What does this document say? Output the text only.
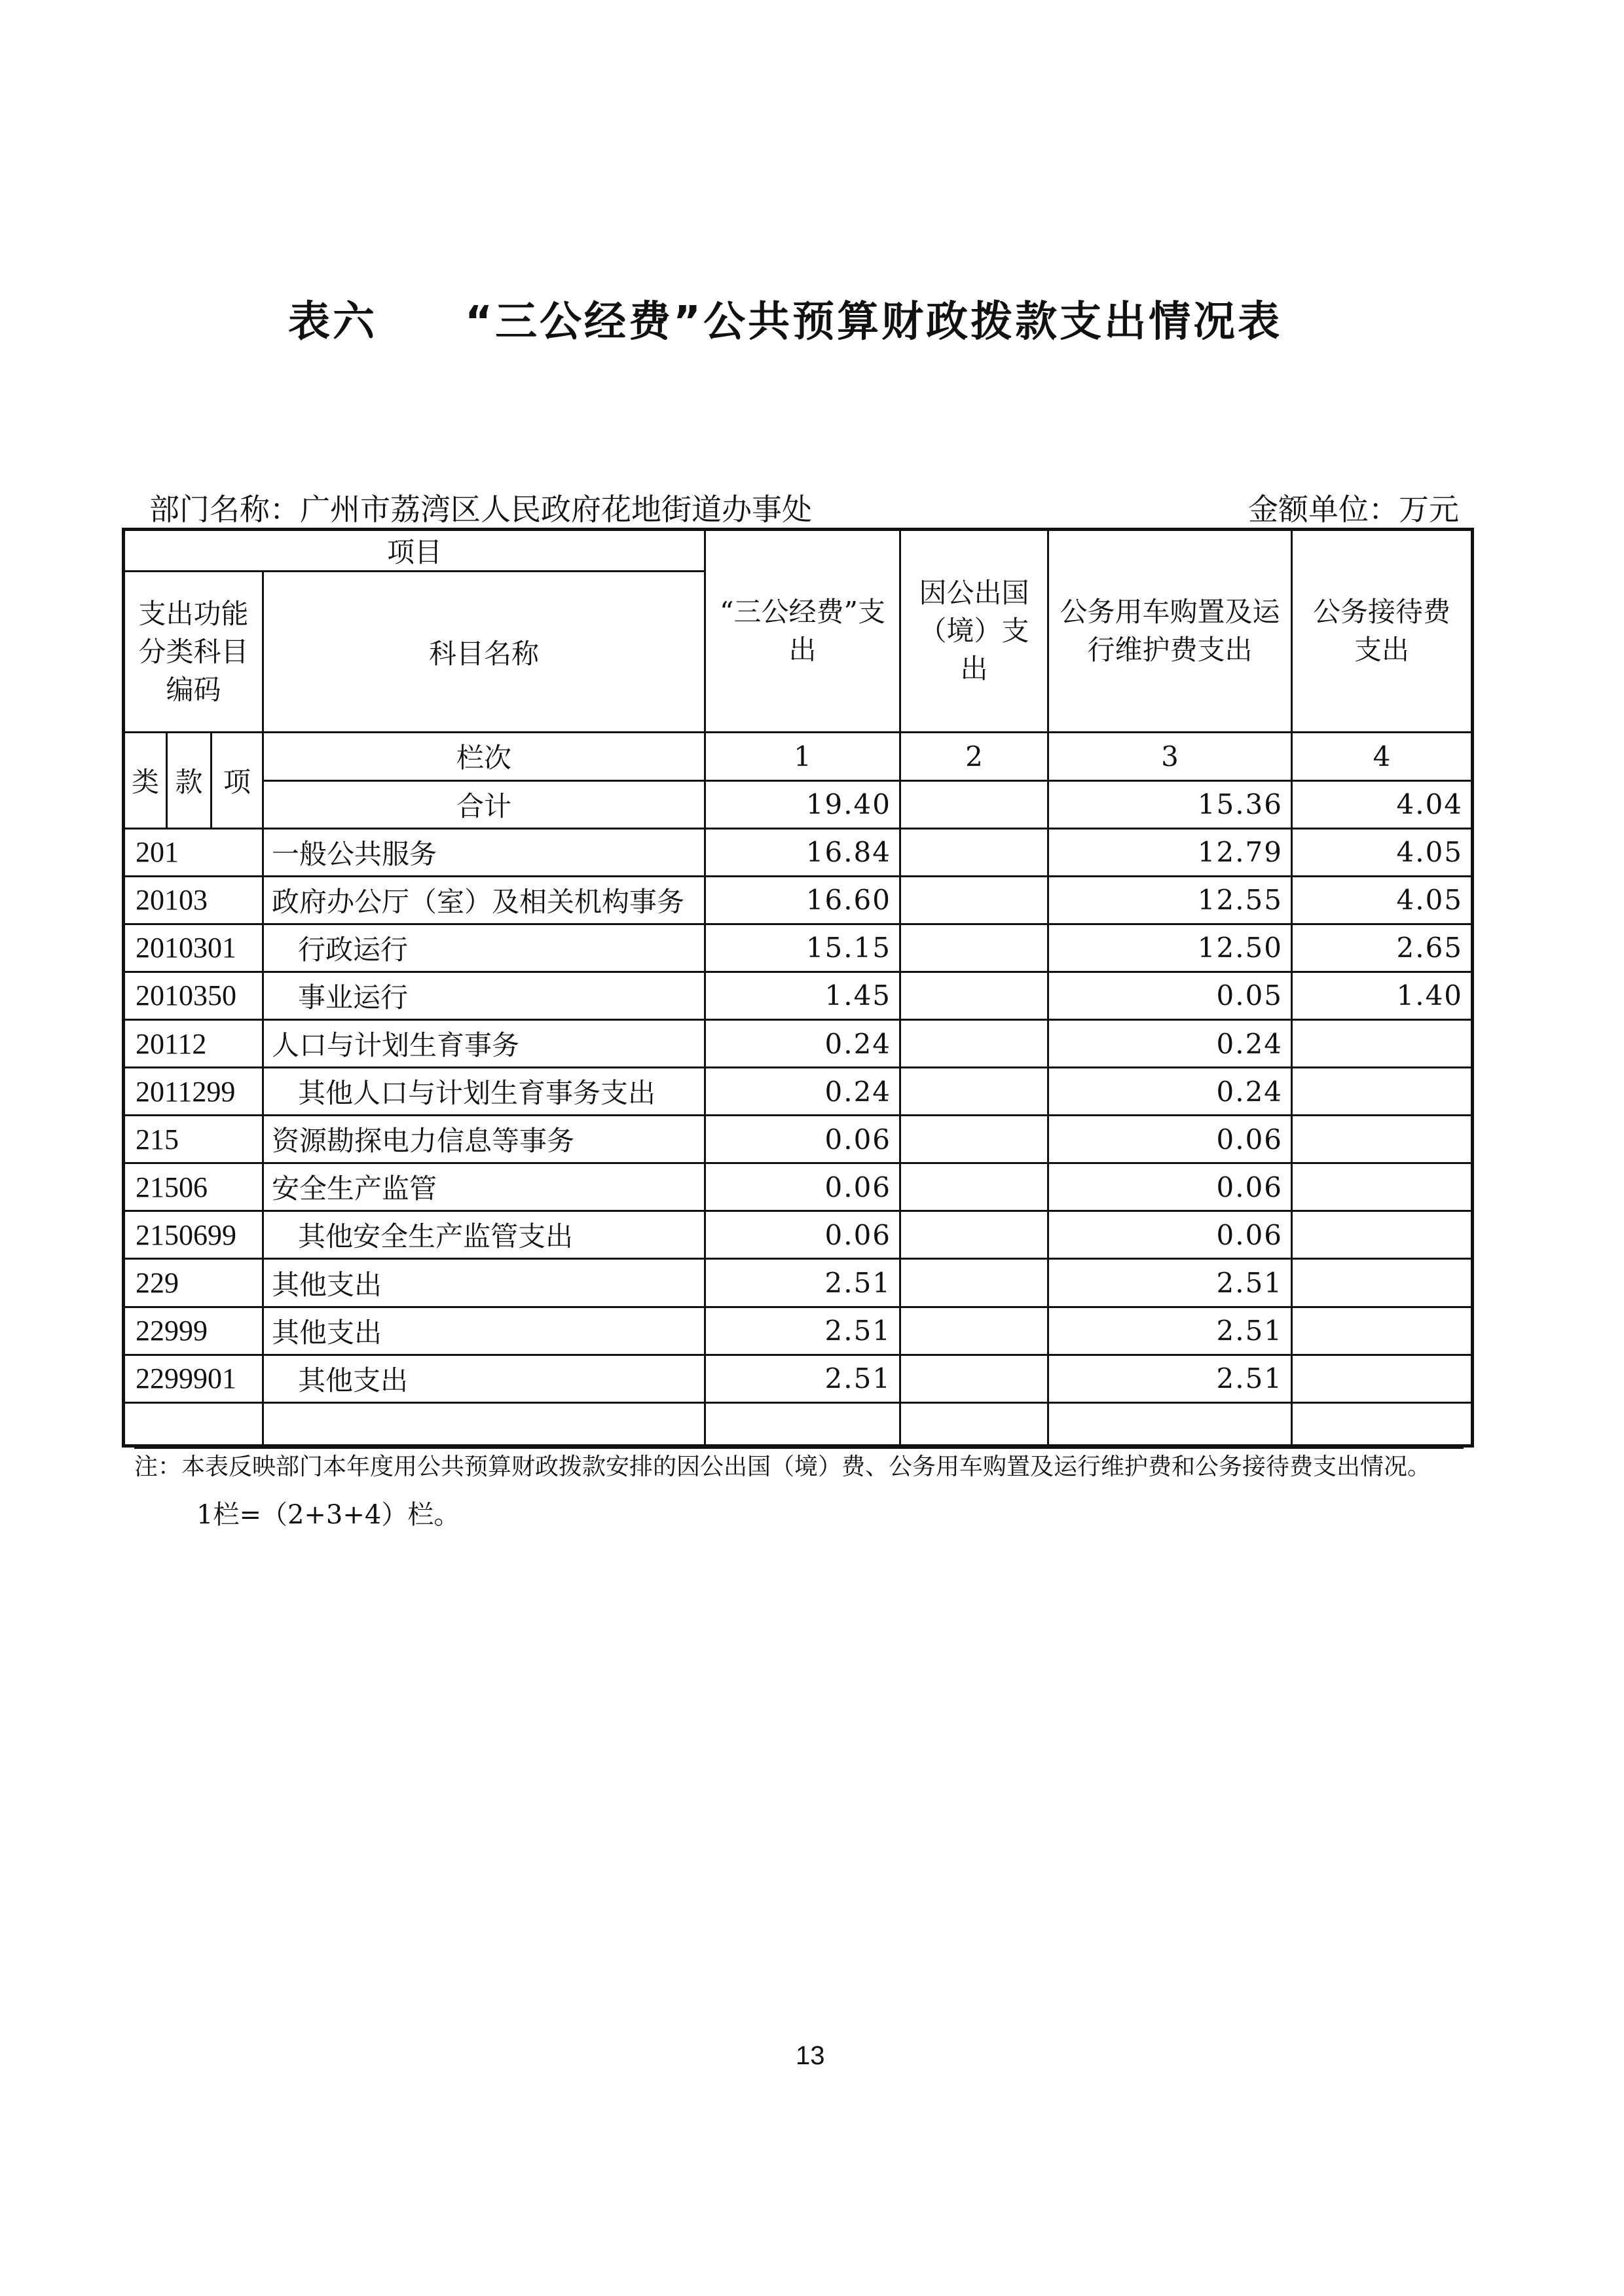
表六 “三公经费”公共预算财政拨款支出情况表
部门名称：广州市荔湾区人民政府花地街道办事处	金额单位：万元
项目				“三公经费”支出	因公出国（境）支出	公务用车购置及运行维护费支出	公务接待费支出
支出功能分类科目编码			科目名称				
类	款	项	栏次	1	2	3	4
			合计	19.40		15.36	4.04
201			一般公共服务	16.84		12.79	4.05
20103			政府办公厅（室）及相关机构事务	16.60		12.55	4.05
2010301			行政运行	15.15		12.50	2.65
2010350			事业运行	1.45		0.05	1.40
20112			人口与计划生育事务	0.24		0.24	
2011299			其他人口与计划生育事务支出	0.24		0.24	
215			资源勘探电力信息等事务	0.06		0.06	
21506			安全生产监管	0.06		0.06	
2150699			其他安全生产监管支出	0.06		0.06	
229			其他支出	2.51		2.51	
22999			其他支出	2.51		2.51	
2299901			其他支出	2.51		2.51	

注：本表反映部门本年度用公共预算财政拨款安排的因公出国（境）费、公务用车购置及运行维护费和公务接待费支出情况。
1栏=（2+3+4）栏。
13
